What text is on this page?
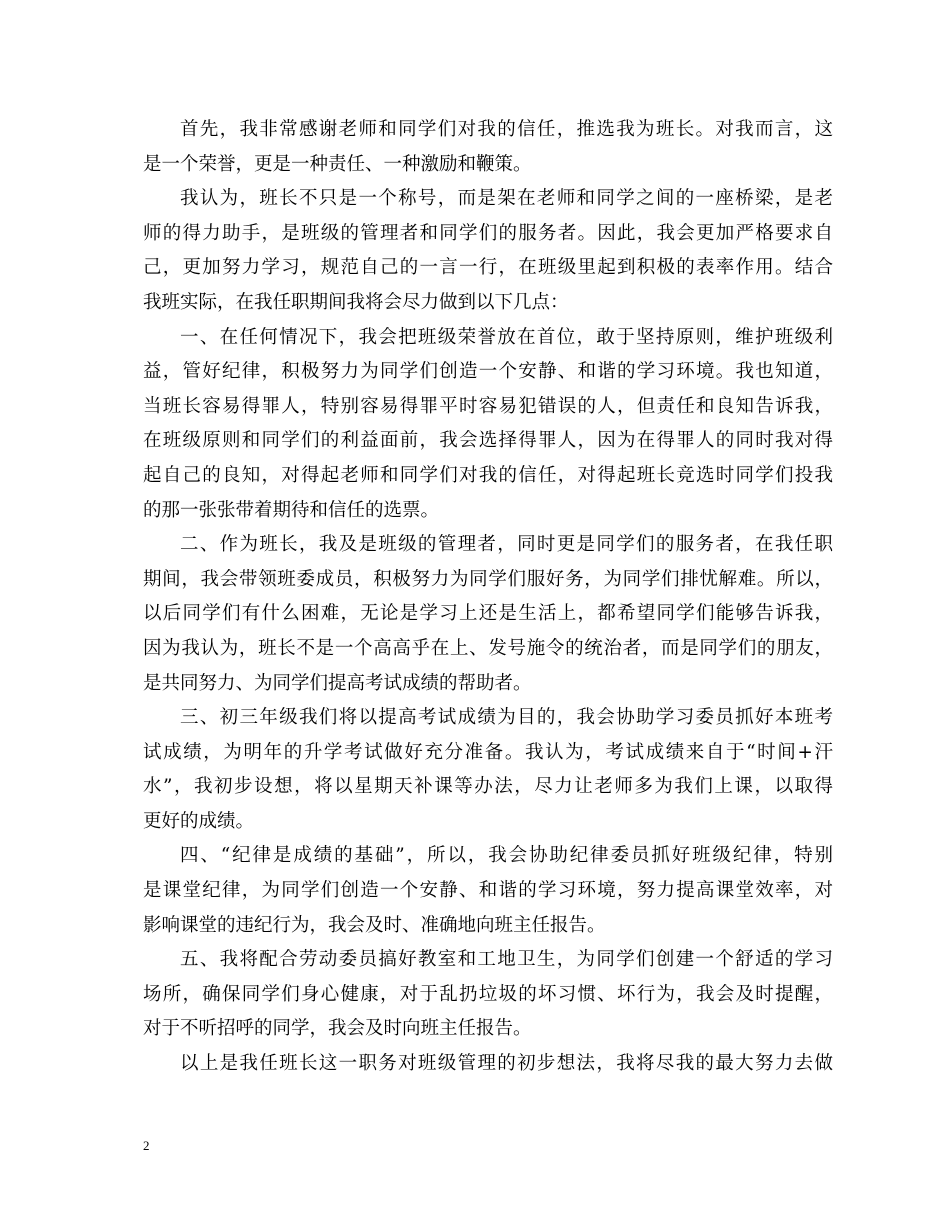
首先，我非常感谢老师和同学们对我的信任，推选我为班长。对我而言，这
是一个荣誉，更是一种责任、一种激励和鞭策。
我认为，班长不只是一个称号，而是架在老师和同学之间的一座桥梁，是老
师的得力助手，是班级的管理者和同学们的服务者。因此，我会更加严格要求自
己，更加努力学习，规范自己的一言一行，在班级里起到积极的表率作用。结合
我班实际，在我任职期间我将会尽力做到以下几点：
一、在任何情况下，我会把班级荣誉放在首位，敢于坚持原则，维护班级利
益，管好纪律，积极努力为同学们创造一个安静、和谐的学习环境。我也知道，
当班长容易得罪人，特别容易得罪平时容易犯错误的人，但责任和良知告诉我，
在班级原则和同学们的利益面前，我会选择得罪人，因为在得罪人的同时我对得
起自己的良知，对得起老师和同学们对我的信任，对得起班长竞选时同学们投我
的那一张张带着期待和信任的选票。
二、作为班长，我及是班级的管理者，同时更是同学们的服务者，在我任职
期间，我会带领班委成员，积极努力为同学们服好务，为同学们排忧解难。所以，
以后同学们有什么困难，无论是学习上还是生活上，都希望同学们能够告诉我，
因为我认为，班长不是一个高高乎在上、发号施令的统治者，而是同学们的朋友，
是共同努力、为同学们提高考试成绩的帮助者。
三、初三年级我们将以提高考试成绩为目的，我会协助学习委员抓好本班考
试成绩，为明年的升学考试做好充分准备。我认为，考试成绩来自于“时间+汗
水”，我初步设想，将以星期天补课等办法，尽力让老师多为我们上课，以取得
更好的成绩。
四、“纪律是成绩的基础”，所以，我会协助纪律委员抓好班级纪律，特别
是课堂纪律，为同学们创造一个安静、和谐的学习环境，努力提高课堂效率，对
影响课堂的违纪行为，我会及时、准确地向班主任报告。
五、我将配合劳动委员搞好教室和工地卫生，为同学们创建一个舒适的学习
场所，确保同学们身心健康，对于乱扔垃圾的坏习惯、坏行为，我会及时提醒，
对于不听招呼的同学，我会及时向班主任报告。
以上是我任班长这一职务对班级管理的初步想法，我将尽我的最大努力去做
2
